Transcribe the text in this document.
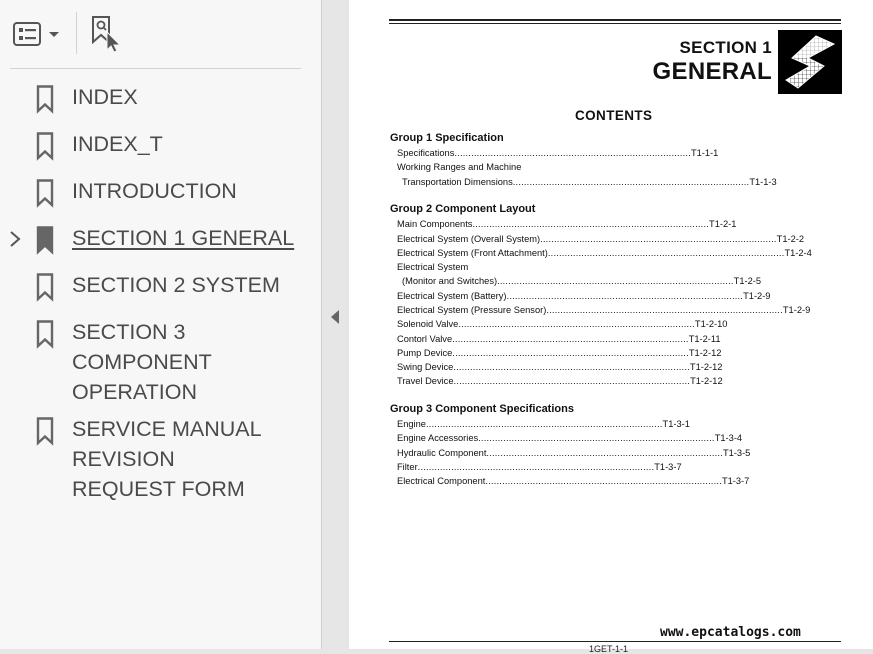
INDEX
INDEX_T
INTRODUCTION
SECTION 1 GENERAL
SECTION 2 SYSTEM
SECTION 3 COMPONENT OPERATION
SERVICE MANUAL REVISION REQUEST FORM
SECTION 1
GENERAL
CONTENTS
Group 1 Specification
Specifications ..................................................................................... T1-1-1
Working Ranges and Machine
Transportation Dimensions ..................................................................................... T1-1-3
Group 2 Component Layout
Main Components ..................................................................................... T1-2-1
Electrical System (Overall System) ..................................................................................... T1-2-2
Electrical System (Front Attachment) ..................................................................................... T1-2-4
Electrical System
(Monitor and Switches) ..................................................................................... T1-2-5
Electrical System (Battery) ..................................................................................... T1-2-9
Electrical System (Pressure Sensor) ..................................................................................... T1-2-9
Solenoid Valve ..................................................................................... T1-2-10
Contorl Valve ..................................................................................... T1-2-11
Pump Device ..................................................................................... T1-2-12
Swing Device ..................................................................................... T1-2-12
Travel Device ..................................................................................... T1-2-12
Group 3 Component Specifications
Engine ..................................................................................... T1-3-1
Engine Accessories ..................................................................................... T1-3-4
Hydraulic Component ..................................................................................... T1-3-5
Filter ..................................................................................... T1-3-7
Electrical Component ..................................................................................... T1-3-7
www.epcatalogs.com
1GET-1-1
